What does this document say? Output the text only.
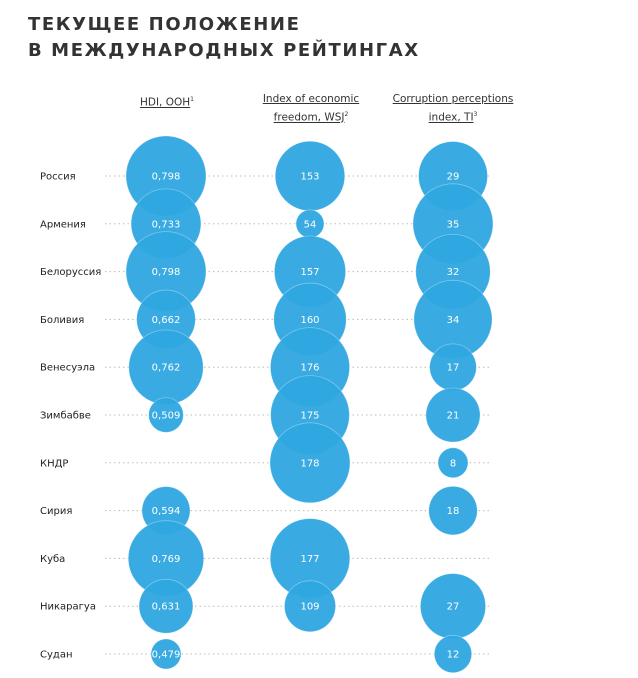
ТЕКУЩЕЕ ПОЛОЖЕНИЕ
В МЕЖДУНАРОДНЫХ РЕЙТИНГАХ
HDI, ООН$^1$	Index of economic
freedom, WSJ$^2$
Corruption perceptions
index, $TI^3$
Россия
Армения
Белоруссия
Боливия
Венесуэла
Зимбабве
КНДР
Сирия
Куба
Никарагуа
Судан
0,798
0,733
0,798
0,662
0,762
0,509
0,594
0,769
0,631
0,479
153
54
157
160
176
175
178
177
109
29
35
32
34
17
21
8
18
27
12
